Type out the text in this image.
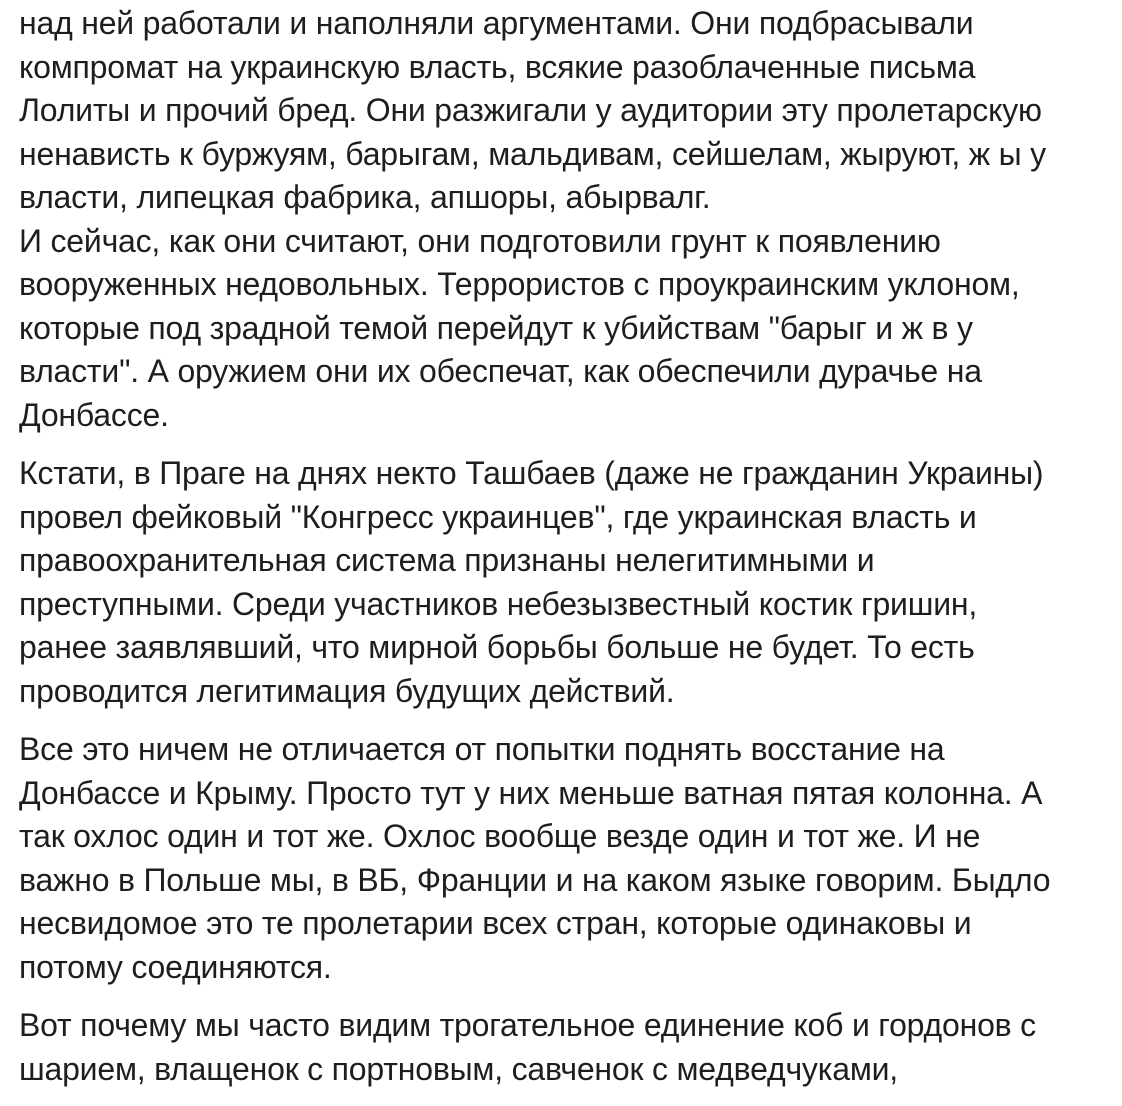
над ней работали и наполняли аргументами. Они подбрасывали
компромат на украинскую власть, всякие разоблаченные письма
Лолиты и прочий бред. Они разжигали у аудитории эту пролетарскую
ненависть к буржуям, барыгам, мальдивам, сейшелам, жыруют, ж ы у
власти, липецкая фабрика, апшоры, абырвалг.
И сейчас, как они считают, они подготовили грунт к появлению
вооруженных недовольных. Террористов с проукраинским уклоном,
которые под зрадной темой перейдут к убийствам "барыг и ж в у
власти". А оружием они их обеспечат, как обеспечили дурачье на
Донбассе.
Кстати, в Праге на днях некто Ташбаев (даже не гражданин Украины)
провел фейковый "Конгресс украинцев", где украинская власть и
правоохранительная система признаны нелегитимными и
преступными. Среди участников небезызвестный костик гришин,
ранее заявлявший, что мирной борьбы больше не будет. То есть
проводится легитимация будущих действий.
Все это ничем не отличается от попытки поднять восстание на
Донбассе и Крыму. Просто тут у них меньше ватная пятая колонна. А
так охлос один и тот же. Охлос вообще везде один и тот же. И не
важно в Польше мы, в ВБ, Франции и на каком языке говорим. Быдло
несвидомое это те пролетарии всех стран, которые одинаковы и
потому соединяются.
Вот почему мы часто видим трогательное единение коб и гордонов с
шарием, влащенок с портновым, савченок с медведчуками,
